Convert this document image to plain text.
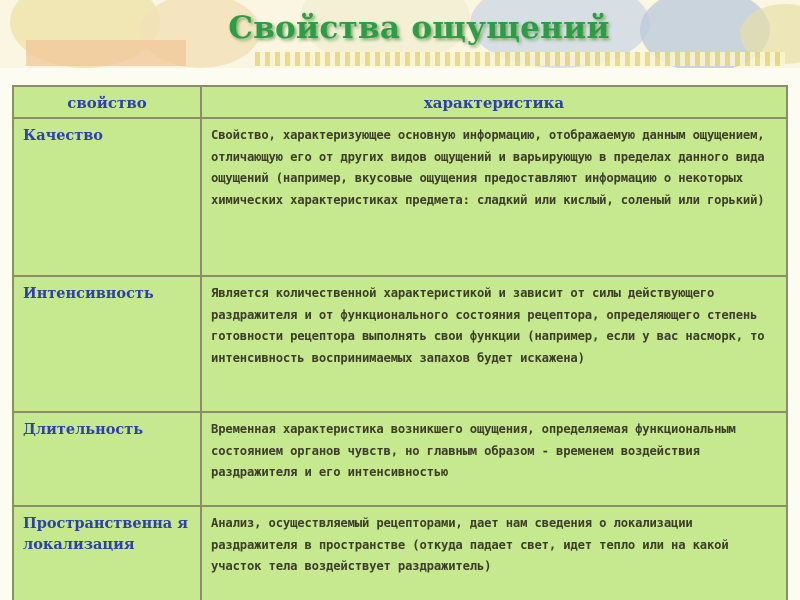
Свойства ощущений
свойство	характеристика
Качество	Свойство, характеризующее основную информацию, отображаемую данным ощущением, отличающую его от других видов ощущений и варьирующую в пределах данного вида ощущений (например, вкусовые ощущения предоставляют информацию о некоторых химических характеристиках предмета: сладкий или кислый, соленый или горький)
Интенсивность	Является количественной характеристикой и зависит от силы действующего раздражителя и от функционального состояния рецептора, определяющего степень готовности рецептора выполнять свои функции (например, если у вас насморк, то интенсивность воспринимаемых запахов будет искажена)
Длительность	Временная характеристика возникшего ощущения, определяемая функциональным состоянием органов чувств, но главным образом - временем воздействия раздражителя и его интенсивностью
Пространственна я локализация	Анализ, осуществляемый рецепторами, дает нам сведения о локализации раздражителя в пространстве (откуда падает свет, идет тепло или на какой участок тела воздействует раздражитель)
